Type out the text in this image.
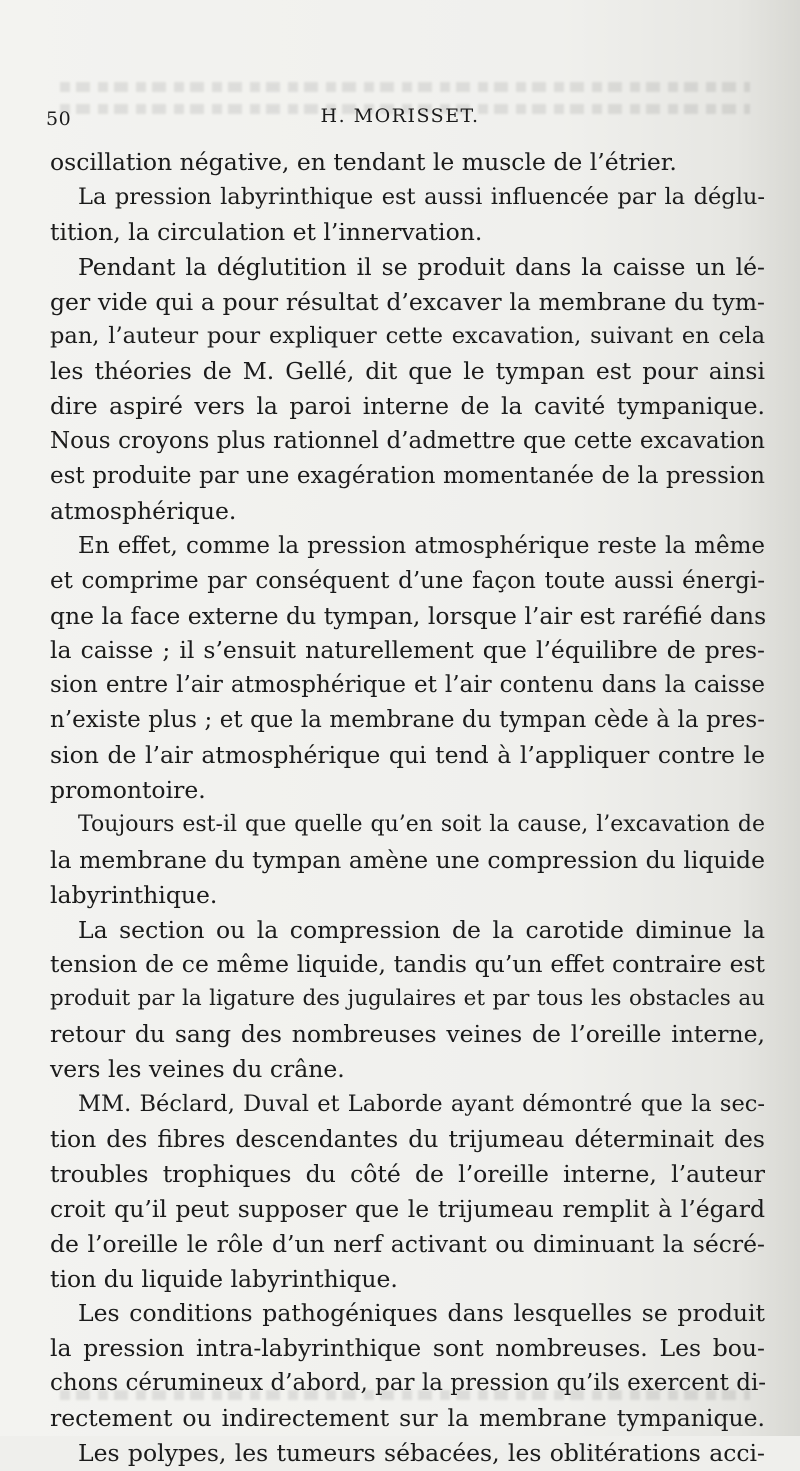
50	H. MORISSET.
oscillation négative, en tendant le muscle de l’étrier.
La pression labyrinthique est aussi influencée par la déglu-
tition, la circulation et l’innervation.
Pendant la déglutition il se produit dans la caisse un lé-
ger vide qui a pour résultat d’excaver la membrane du tym-
pan, l’auteur pour expliquer cette excavation, suivant en cela
les théories de M. Gellé, dit que le tympan est pour ainsi
dire aspiré vers la paroi interne de la cavité tympanique.
Nous croyons plus rationnel d’admettre que cette excavation
est produite par une exagération momentanée de la pression
atmosphérique.
En effet, comme la pression atmosphérique reste la même
et comprime par conséquent d’une façon toute aussi énergi-
qne la face externe du tympan, lorsque l’air est raréfié dans
la caisse ; il s’ensuit naturellement que l’équilibre de pres-
sion entre l’air atmosphérique et l’air contenu dans la caisse
n’existe plus ; et que la membrane du tympan cède à la pres-
sion de l’air atmosphérique qui tend à l’appliquer contre le
promontoire.
Toujours est-il que quelle qu’en soit la cause, l’excavation de
la membrane du tympan amène une compression du liquide
labyrinthique.
La section ou la compression de la carotide diminue la
tension de ce même liquide, tandis qu’un effet contraire est
produit par la ligature des jugulaires et par tous les obstacles au
retour du sang des nombreuses veines de l’oreille interne,
vers les veines du crâne.
MM. Béclard, Duval et Laborde ayant démontré que la sec-
tion des fibres descendantes du trijumeau déterminait des
troubles trophiques du côté de l’oreille interne, l’auteur
croit qu’il peut supposer que le trijumeau remplit à l’égard
de l’oreille le rôle d’un nerf activant ou diminuant la sécré-
tion du liquide labyrinthique.
Les conditions pathogéniques dans lesquelles se produit
la pression intra-labyrinthique sont nombreuses. Les bou-
chons cérumineux d’abord, par la pression qu’ils exercent di-
rectement ou indirectement sur la membrane tympanique.
Les polypes, les tumeurs sébacées, les oblitérations acci-
